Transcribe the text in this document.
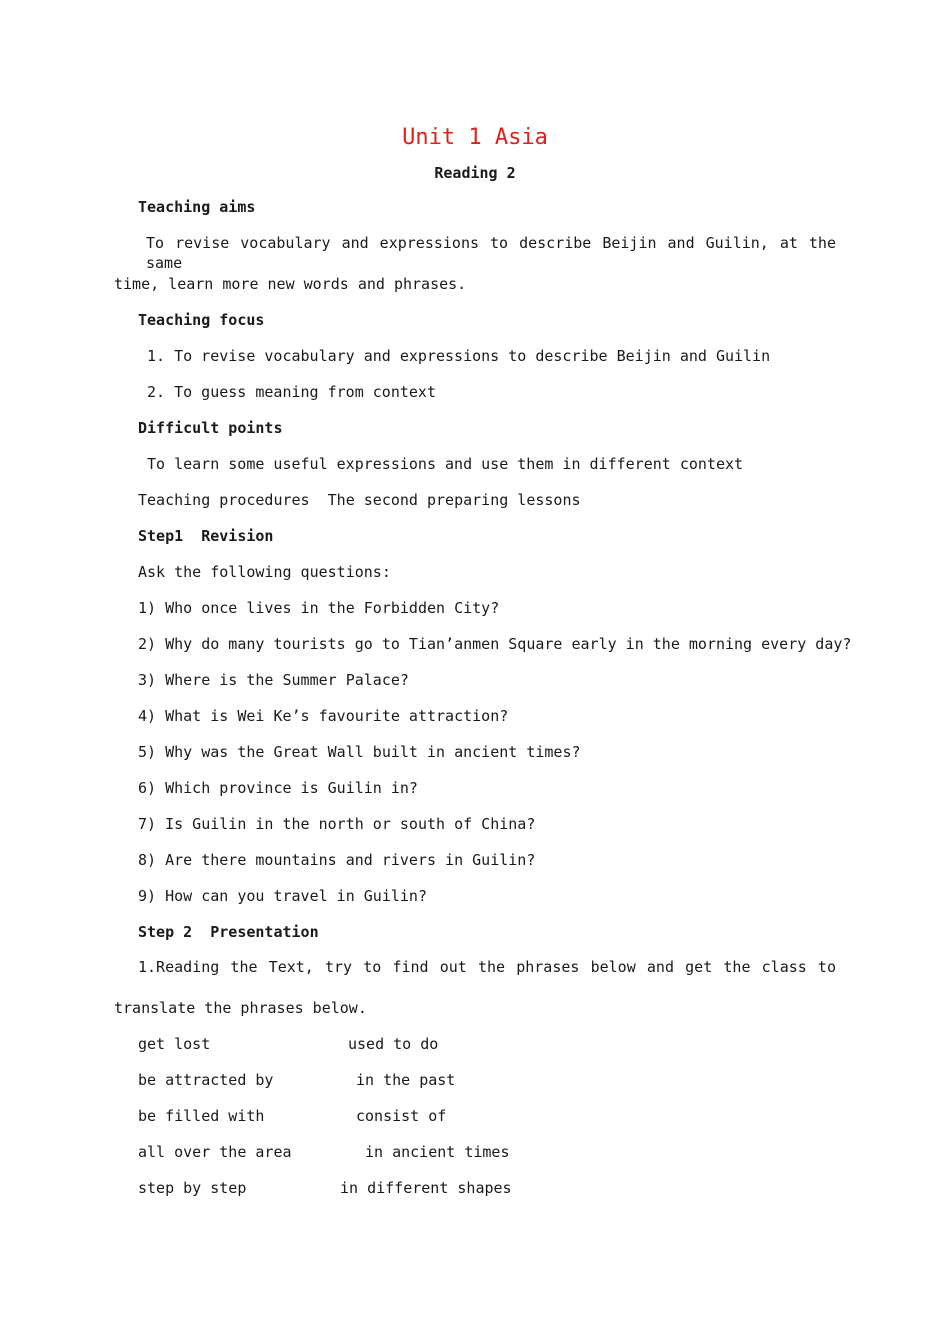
Unit 1 Asia
Reading 2
Teaching aims
To revise vocabulary and expressions to describe Beijin and Guilin, at the same
time, learn more new words and phrases.
Teaching focus
1. To revise vocabulary and expressions to describe Beijin and Guilin
2. To guess meaning from context
Difficult points
To learn some useful expressions and use them in different context
Teaching procedures  The second preparing lessons
Step1  Revision
Ask the following questions:
1) Who once lives in the Forbidden City?
2) Why do many tourists go to Tian’anmen Square early in the morning every day?
3) Where is the Summer Palace?
4) What is Wei Ke’s favourite attraction?
5) Why was the Great Wall built in ancient times?
6) Which province is Guilin in?
7) Is Guilin in the north or south of China?
8) Are there mountains and rivers in Guilin?
9) How can you travel in Guilin?
Step 2  Presentation
1.Reading the Text, try to find out the phrases below and get the class to
translate the phrases below.
get lost
be attracted by
be filled with
all over the area
step by step
used to do
in the past
consist of
in ancient times
in different shapes
